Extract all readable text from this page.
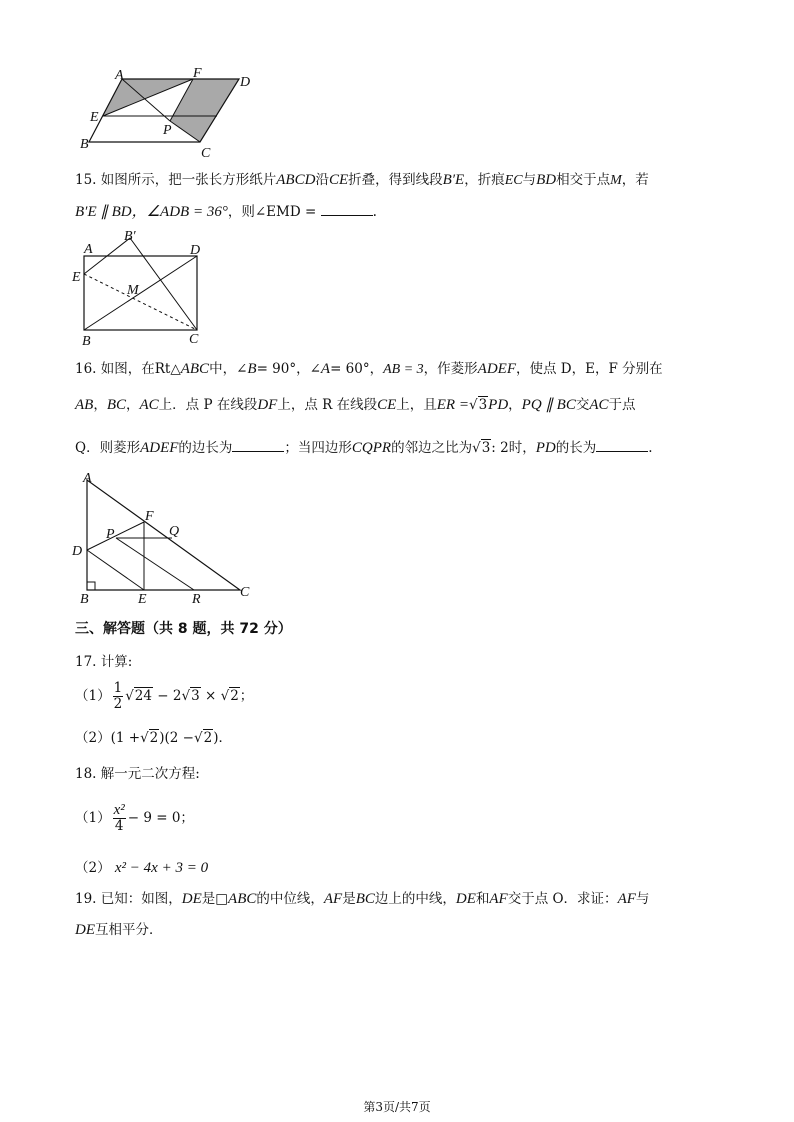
A	F
D
E
P
B
C
15. 如图所示，把一张长方形纸片ABCD沿CE折叠，得到线段B′E，折痕EC与BD相交于点M，若
B′E ∥ BD，∠ADB = 36°，则∠EMD =	.
A
B′
D
E
M
B	C
16. 如图，在Rt△ABC中，∠B= 90°，∠A= 60°，AB = 3，作菱形ADEF，使点 D，E，F 分别在
AB，BC，AC上．点 P 在线段DF上，点 R 在线段CE上，且ER =√3PD，PQ ∥ BC交AC于点
Q．则菱形ADEF的边长为	；当四边形CQPR的邻边之比为√3: 2时，PD的长为	.
A
F
Q
P
D
B	E	R	C
三、解答题（共 8 题，共 72 分）
17. 计算:
$(1) \frac{1}{2} √24 - 2√3 \times √2$；
（2）(1 +√2)(2 −√2)．
18. 解一元二次方程:
$(1) \frac{\text{x²}}{4} - 9 = 0$；
（2） x² − 4x + 3 = 0
19. 已知：如图，DE是□ABC的中位线，AF是BC边上的中线，DE和AF交于点 O．求证：AF与
DE互相平分．
第3页/共7页
